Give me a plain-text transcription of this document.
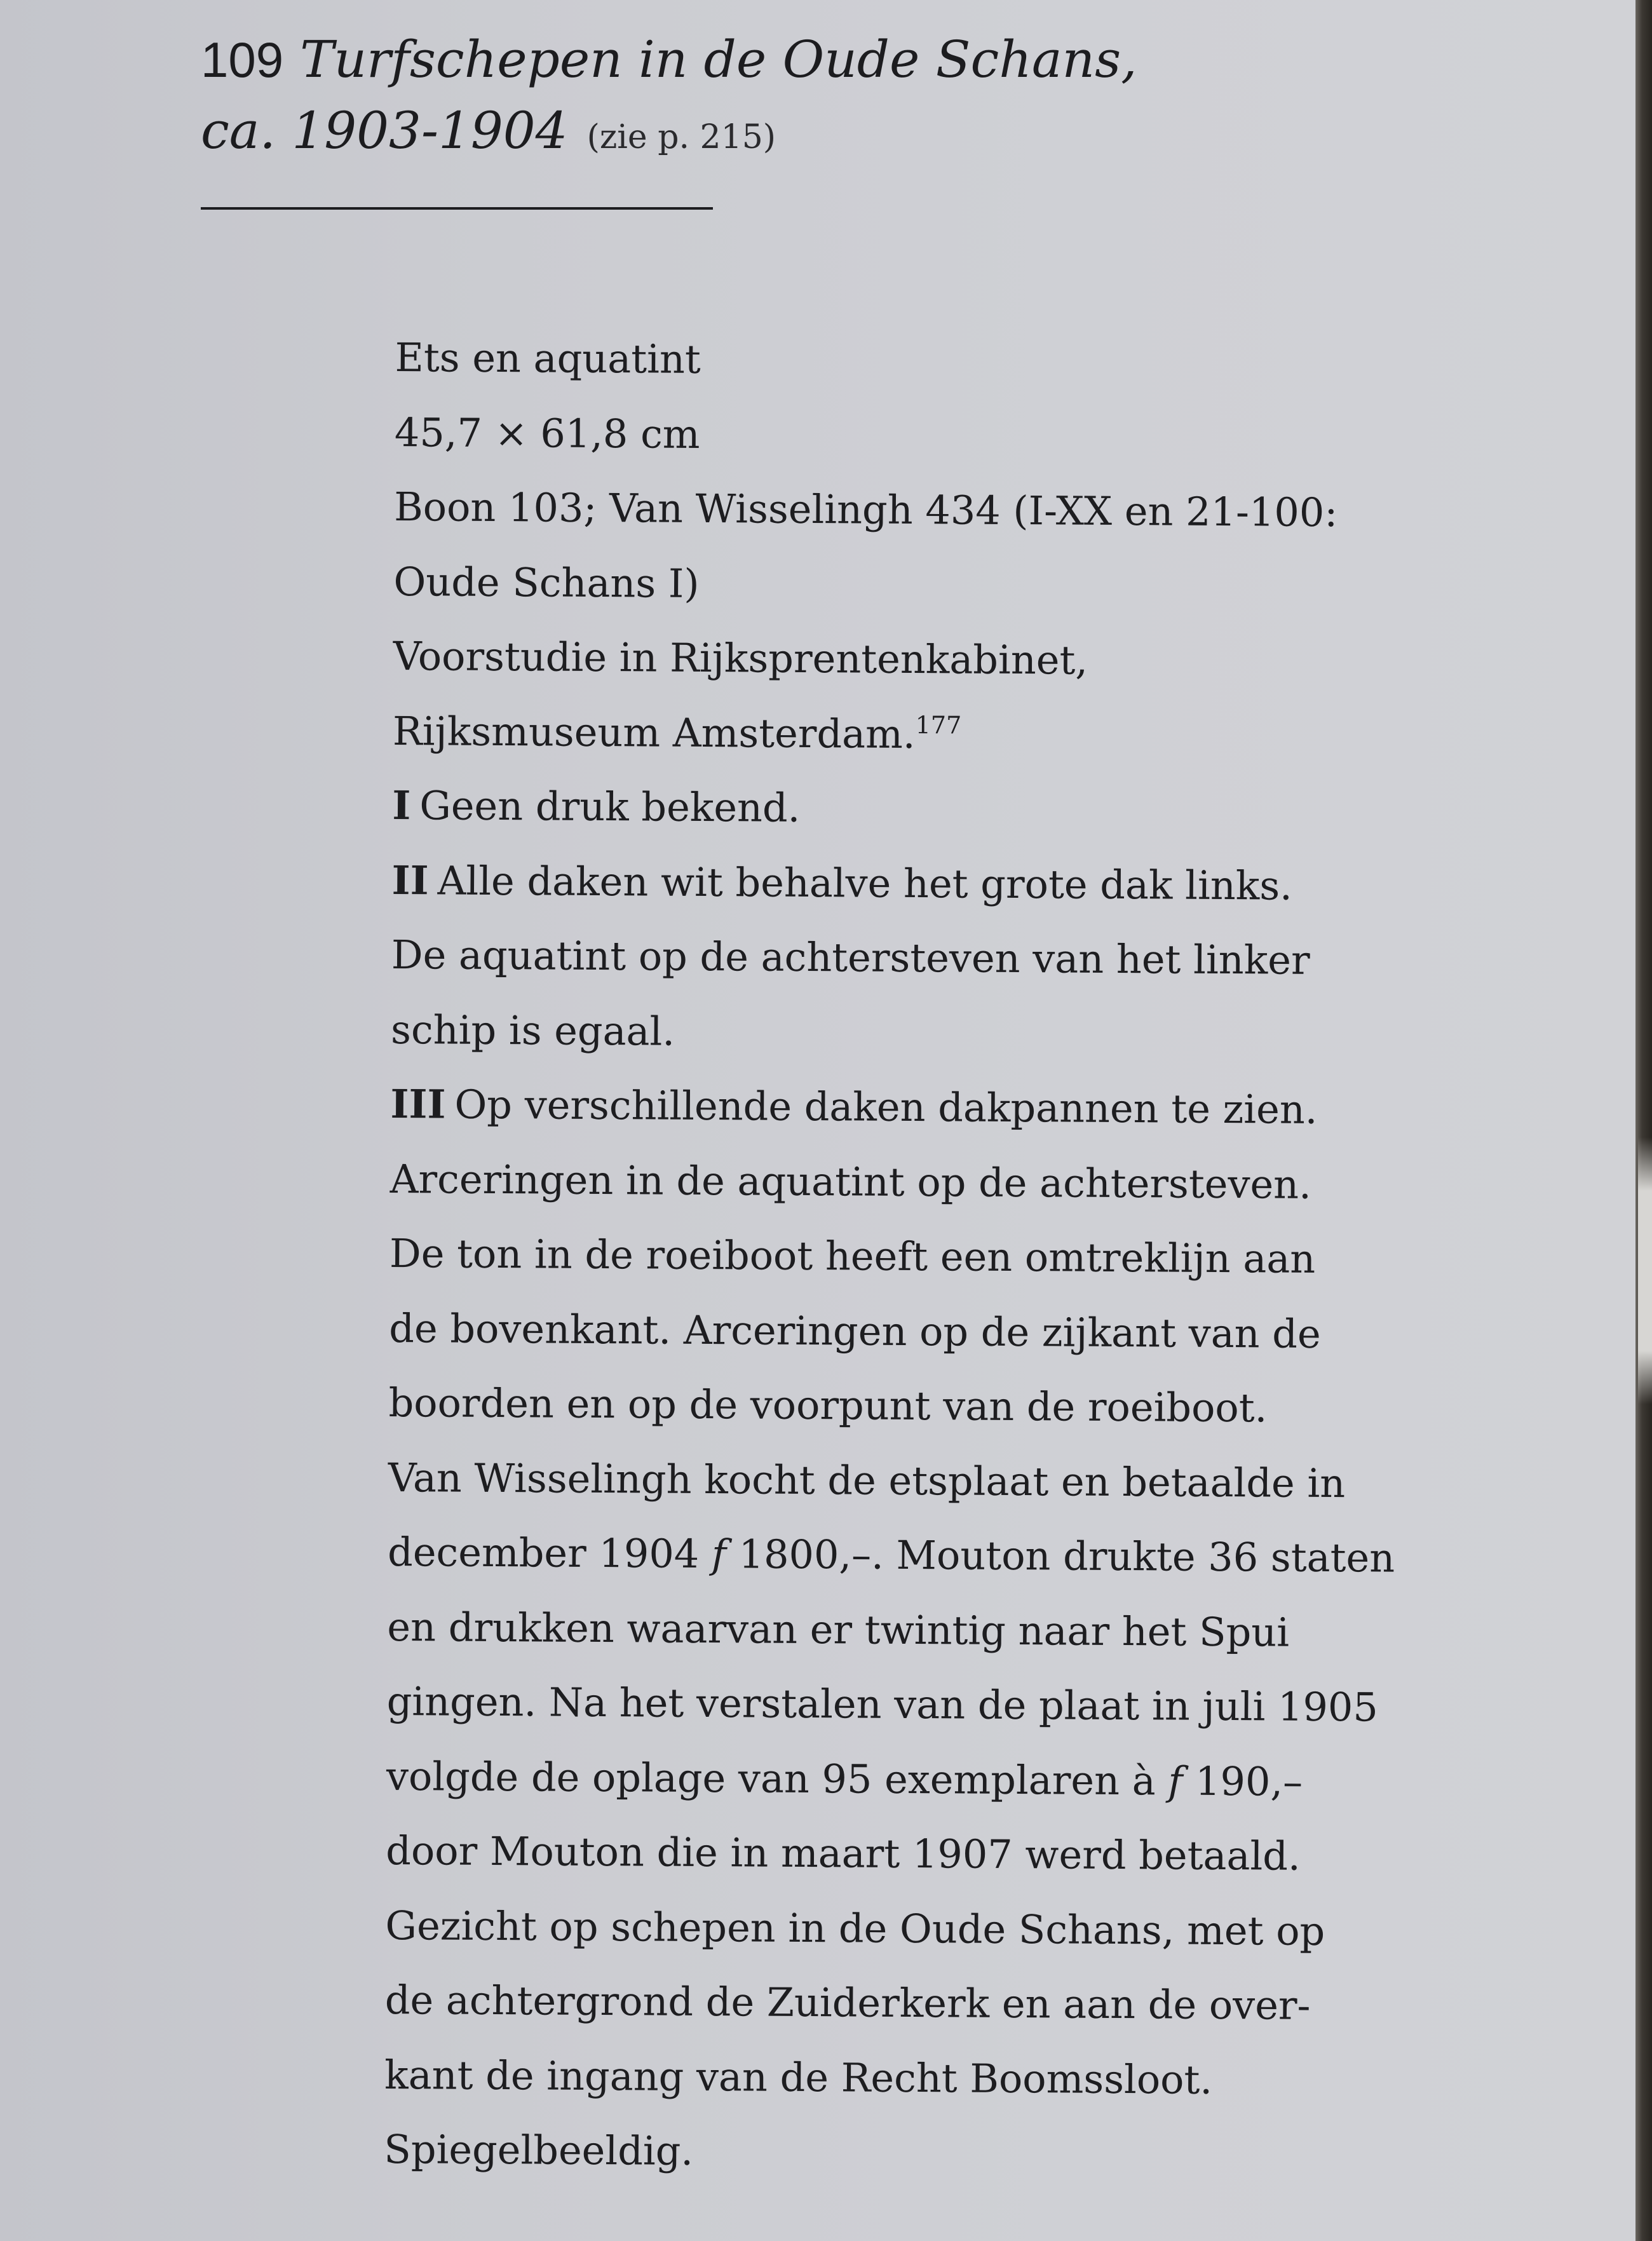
109 Turfschepen in de Oude Schans,
ca. 1903-1904 (zie p. 215)
Ets en aquatint
45,7 × 61,8 cm
Boon 103; Van Wisselingh 434 (I-XX en 21-100:
Oude Schans I)
Voorstudie in Rijksprentenkabinet,
Rijksmuseum Amsterdam.$^{177}$
I Geen druk bekend.
II Alle daken wit behalve het grote dak links.
De aquatint op de achtersteven van het linker
schip is egaal.
III Op verschillende daken dakpannen te zien.
Arceringen in de aquatint op de achtersteven.
De ton in de roeiboot heeft een omtreklijn aan
de bovenkant. Arceringen op de zijkant van de
boorden en op de voorpunt van de roeiboot.
Van Wisselingh kocht de etsplaat en betaalde in
december 1904 f 1800,–. Mouton drukte 36 staten
en drukken waarvan er twintig naar het Spui
gingen. Na het verstalen van de plaat in juli 1905
volgde de oplage van 95 exemplaren à f 190,–
door Mouton die in maart 1907 werd betaald.
Gezicht op schepen in de Oude Schans, met op
de achtergrond de Zuiderkerk en aan de over-
kant de ingang van de Recht Boomssloot.
Spiegelbeeldig.
